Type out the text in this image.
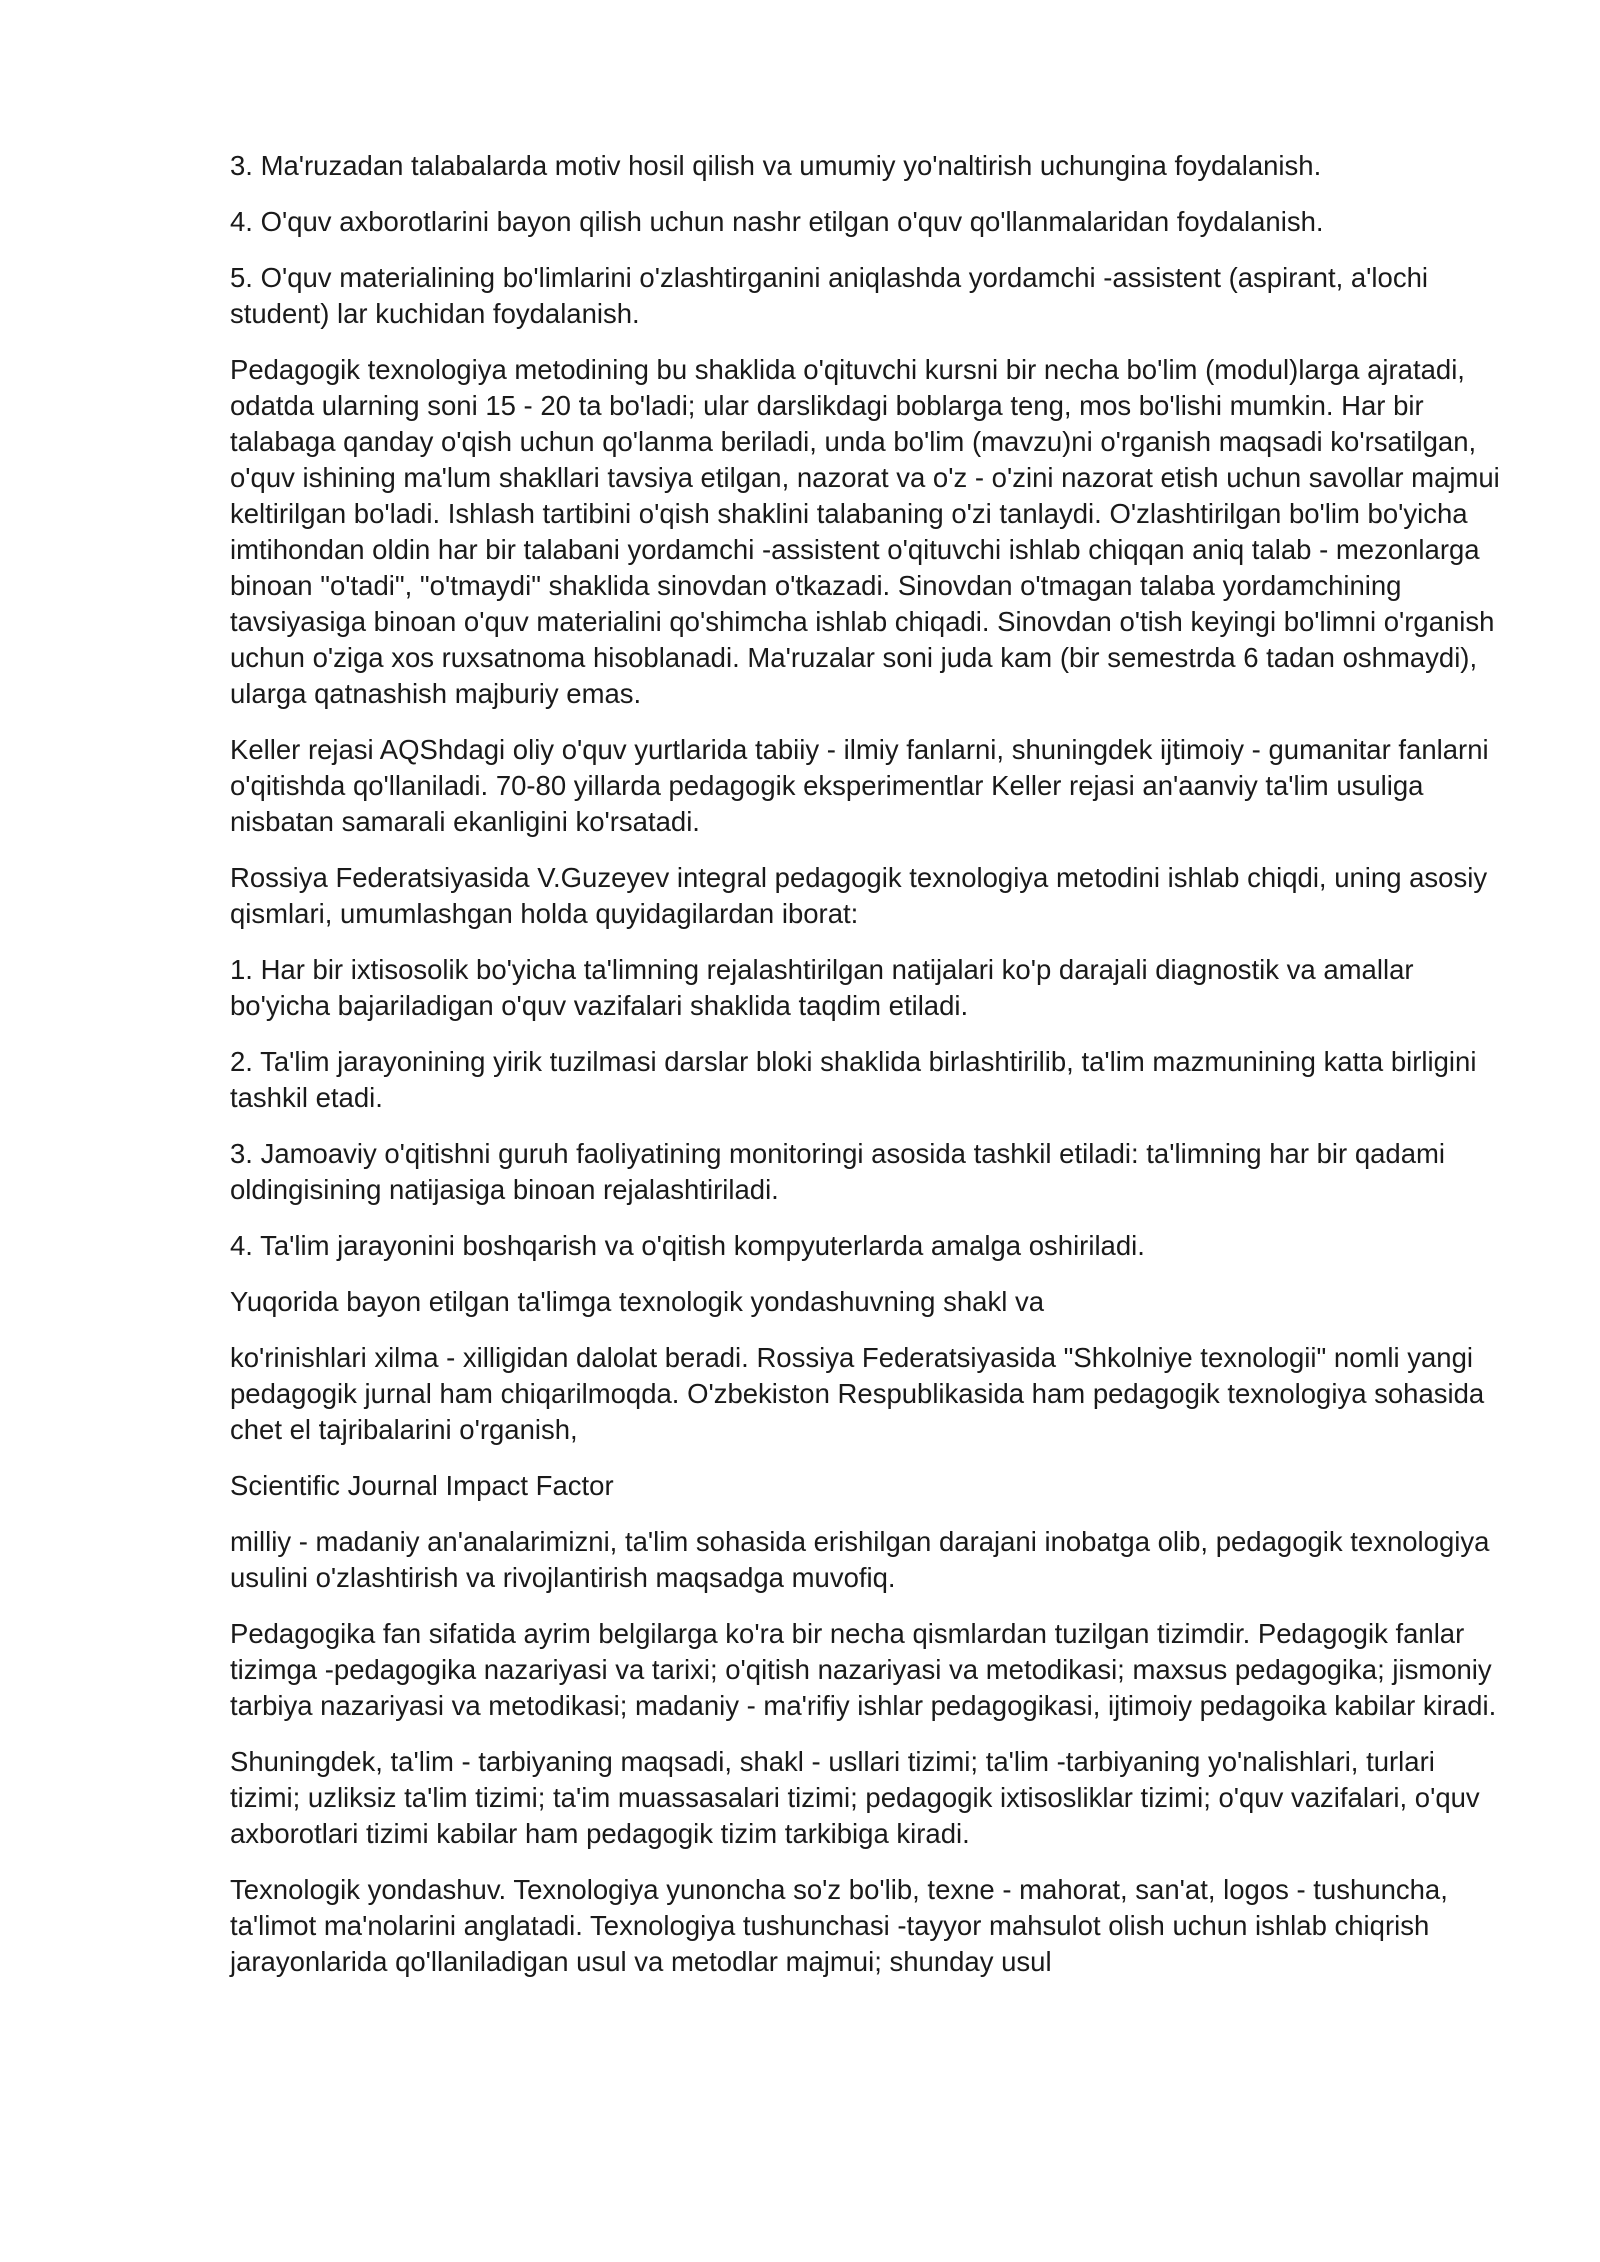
3. Ma'ruzadan talabalarda motiv hosil qilish va umumiy yo'naltirish uchungina foydalanish.

4. O'quv axborotlarini bayon qilish uchun nashr etilgan o'quv qo'llanmalaridan foydalanish.

5. O'quv materialining bo'limlarini o'zlashtirganini aniqlashda yordamchi -assistent (aspirant, a'lochi student) lar kuchidan foydalanish.

Pedagogik texnologiya metodining bu shaklida o'qituvchi kursni bir necha bo'lim (modul)larga ajratadi, odatda ularning soni 15 - 20 ta bo'ladi; ular darslikdagi boblarga teng, mos bo'lishi mumkin. Har bir talabaga qanday o'qish uchun qo'lanma beriladi, unda bo'lim (mavzu)ni o'rganish maqsadi ko'rsatilgan, o'quv ishining ma'lum shakllari tavsiya etilgan, nazorat va o'z - o'zini nazorat etish uchun savollar majmui keltirilgan bo'ladi. Ishlash tartibini o'qish shaklini talabaning o'zi tanlaydi. O'zlashtirilgan bo'lim bo'yicha imtihondan oldin har bir talabani yordamchi -assistent o'qituvchi ishlab chiqqan aniq talab - mezonlarga binoan "o'tadi", "o'tmaydi" shaklida sinovdan o'tkazadi. Sinovdan o'tmagan talaba yordamchining tavsiyasiga binoan o'quv materialini qo'shimcha ishlab chiqadi. Sinovdan o'tish keyingi bo'limni o'rganish uchun o'ziga xos ruxsatnoma hisoblanadi. Ma'ruzalar soni juda kam (bir semestrda 6 tadan oshmaydi), ularga qatnashish majburiy emas.

Keller rejasi AQShdagi oliy o'quv yurtlarida tabiiy - ilmiy fanlarni, shuningdek ijtimoiy - gumanitar fanlarni o'qitishda qo'llaniladi. 70-80 yillarda pedagogik eksperimentlar Keller rejasi an'aanviy ta'lim usuliga nisbatan samarali ekanligini ko'rsatadi.

Rossiya Federatsiyasida V.Guzeyev integral pedagogik texnologiya metodini ishlab chiqdi, uning asosiy qismlari, umumlashgan holda quyidagilardan iborat:

1. Har bir ixtisosolik bo'yicha ta'limning rejalashtirilgan natijalari ko'p darajali diagnostik va amallar bo'yicha bajariladigan o'quv vazifalari shaklida taqdim etiladi.

2. Ta'lim jarayonining yirik tuzilmasi darslar bloki shaklida birlashtirilib, ta'lim mazmunining katta birligini tashkil etadi.

3. Jamoaviy o'qitishni guruh faoliyatining monitoringi asosida tashkil etiladi: ta'limning har bir qadami oldingisining natijasiga binoan rejalashtiriladi.

4. Ta'lim jarayonini boshqarish va o'qitish kompyuterlarda amalga oshiriladi.

Yuqorida bayon etilgan ta'limga texnologik yondashuvning shakl va

ko'rinishlari xilma - xilligidan dalolat beradi. Rossiya Federatsiyasida "Shkolniye texnologii" nomli yangi pedagogik jurnal ham chiqarilmoqda. O'zbekiston Respublikasida ham pedagogik texnologiya sohasida chet el tajribalarini o'rganish,

Scientific Journal Impact Factor

milliy - madaniy an'analarimizni, ta'lim sohasida erishilgan darajani inobatga olib, pedagogik texnologiya usulini o'zlashtirish va rivojlantirish maqsadga muvofiq.

Pedagogika fan sifatida ayrim belgilarga ko'ra bir necha qismlardan tuzilgan tizimdir. Pedagogik fanlar tizimga -pedagogika nazariyasi va tarixi; o'qitish nazariyasi va metodikasi; maxsus pedagogika; jismoniy tarbiya nazariyasi va metodikasi; madaniy - ma'rifiy ishlar pedagogikasi, ijtimoiy pedagoika kabilar kiradi.

Shuningdek, ta'lim - tarbiyaning maqsadi, shakl - usllari tizimi; ta'lim -tarbiyaning yo'nalishlari, turlari tizimi; uzliksiz ta'lim tizimi; ta'im muassasalari tizimi; pedagogik ixtisosliklar tizimi; o'quv vazifalari, o'quv axborotlari tizimi kabilar ham pedagogik tizim tarkibiga kiradi.

Texnologik yondashuv. Texnologiya yunoncha so'z bo'lib, texne - mahorat, san'at, logos - tushuncha, ta'limot ma'nolarini anglatadi. Texnologiya tushunchasi -tayyor mahsulot olish uchun ishlab chiqrish jarayonlarida qo'llaniladigan usul va metodlar majmui; shunday usul
